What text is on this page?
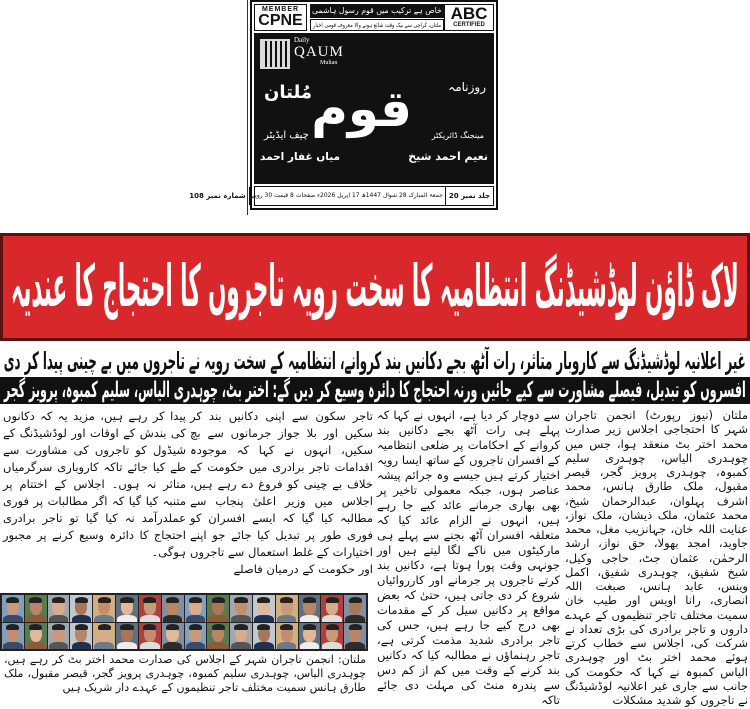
MEMBER
CPNE
خاص ہے ترکیب میں قوم رسول ہاشمی
ملتان، کراچی سے بیک وقت شائع ہونے والا معروف قومی اخبار
ABC
CERTIFIED
Daily
QAUM
Multan
قوم	روزنامہ
مُلتان
چیف ایڈیٹر
میاں غفار احمد
مینجنگ ڈائریکٹر
نعیم احمد شیخ
جلد نمبر 20
جمعۃ المبارک 28 شوال 1447ھ 17 اپریل 2026ء صفحات 8 قیمت 30 روپے
شمارہ نمبر 108
لاک ڈاؤن لوڈشیڈنگ انتظامیہ کا سخت رویہ تاجروں کا احتجاج کا عندیہ
غیر اعلانیہ لوڈشیڈنگ سے کاروبار متاثر، رات آٹھ بجے دکانیں بند کروانے، انتظامیہ کے سخت رویہ نے تاجروں میں بے چینی پیدا کر دی
افسروں کو تبدیل، فیصلے مشاورت سے کیے جائیں ورنہ احتجاج کا دائرہ وسیع کر دیں گے: اختر بٹ، چوہدری الیاس، سلیم کمبوہ، پرویز گجر
ملتان (نیوز رپورٹ) انجمن تاجران شہر کا احتجاجی اجلاس زیر صدارت محمد اختر بٹ منعقد ہوا، جس میں چوہدری الیاس، چوہدری سلیم کمبوہ، چوہدری پرویز گجر، قیصر مقبول، ملک طارق ہانس، محمد اشرف پہلوان، عبدالرحمان شیخ، محمد عثمان، ملک ذیشان، ملک نواز، عنایت اللہ خان، جہانزیب مغل، محمد جاوید، امجد بھولا، حق نواز، ارشد الرحمٰن، عثمان جٹ، حاجی وکیل، شیخ شفیق، چوہدری شفیق، اکمل وینس، عابد ہانس، صبغت اللہ انصاری، رانا اویس اور طیب خان سمیت مختلف تاجر تنظیموں کے عہدے داروں و تاجر برادری کی بڑی تعداد نے شرکت کی، اجلاس سے خطاب کرتے ہوئے محمد اختر بٹ اور چوہدری الیاس کمبوہ نے کہا کہ حکومت کی جانب سے جاری غیر اعلانیہ لوڈشیڈنگ نے تاجروں کو شدید مشکلات
سے دوچار کر دیا ہے، انہوں نے کہا کہ پہلے ہی رات آٹھ بجے دکانیں بند کروانے کے احکامات پر ضلعی انتظامیہ کے افسران تاجروں کے ساتھ ایسا رویہ اختیار کرتے ہیں جیسے وہ جرائم پیشہ عناصر ہوں، جبکہ معمولی تاخیر پر بھی بھاری جرمانے عائد کیے جا رہے ہیں، انہوں نے الزام عائد کیا کہ متعلقہ افسران آٹھ بجنے سے پہلے ہی مارکیٹوں میں ناکے لگا لیتے ہیں اور جونہی وقت پورا ہوتا ہے، دکانیں بند کرتے تاجروں پر جرمانے اور کارروائیاں شروع کر دی جاتی ہیں، حتیٰ کہ بعض مواقع پر دکانیں سیل کر کے مقدمات بھی درج کیے جا رہے ہیں، جس کی تاجر برادری شدید مذمت کرتی ہے، تاجر رہنماؤں نے مطالبہ کیا کہ دکانیں بند کرنے کے وقت میں کم از کم دس سے پندرہ منٹ کی مہلت دی جائے تاکہ
تاجر سکون سے اپنی دکانیں بند کر سکیں اور بلا جواز جرمانوں سے بچ سکیں، انہوں نے کہا کہ موجودہ اقدامات تاجر برادری میں حکومت کے خلاف بے چینی کو فروغ دے رہے ہیں، اجلاس میں وزیر اعلیٰ پنجاب سے مطالبہ کیا گیا کہ ایسے افسران کو فوری طور پر تبدیل کیا جائے جو اپنے اختیارات کے غلط استعمال سے تاجروں اور حکومت کے درمیان فاصلے
پیدا کر رہے ہیں، مزید یہ کہ دکانوں کی بندش کے اوقات اور لوڈشیڈنگ کے شیڈول کو تاجروں کی مشاورت سے طے کیا جائے تاکہ کاروباری سرگرمیاں متاثر نہ ہوں۔ اجلاس کے اختتام پر متنبہ کیا گیا کہ اگر مطالبات پر فوری عملدرآمد نہ کیا گیا تو تاجر برادری احتجاج کا دائرہ وسیع کرنے پر مجبور ہوگی۔
ملتان: انجمن تاجران شہر کے اجلاس کی صدارت محمد اختر بٹ کر رہے ہیں، چوہدری الیاس، چوہدری سلیم کمبوہ، چوہدری پرویز گجر، قیصر مقبول، ملک طارق ہانس سمیت مختلف تاجر تنظیموں کے عہدے دار شریک ہیں
